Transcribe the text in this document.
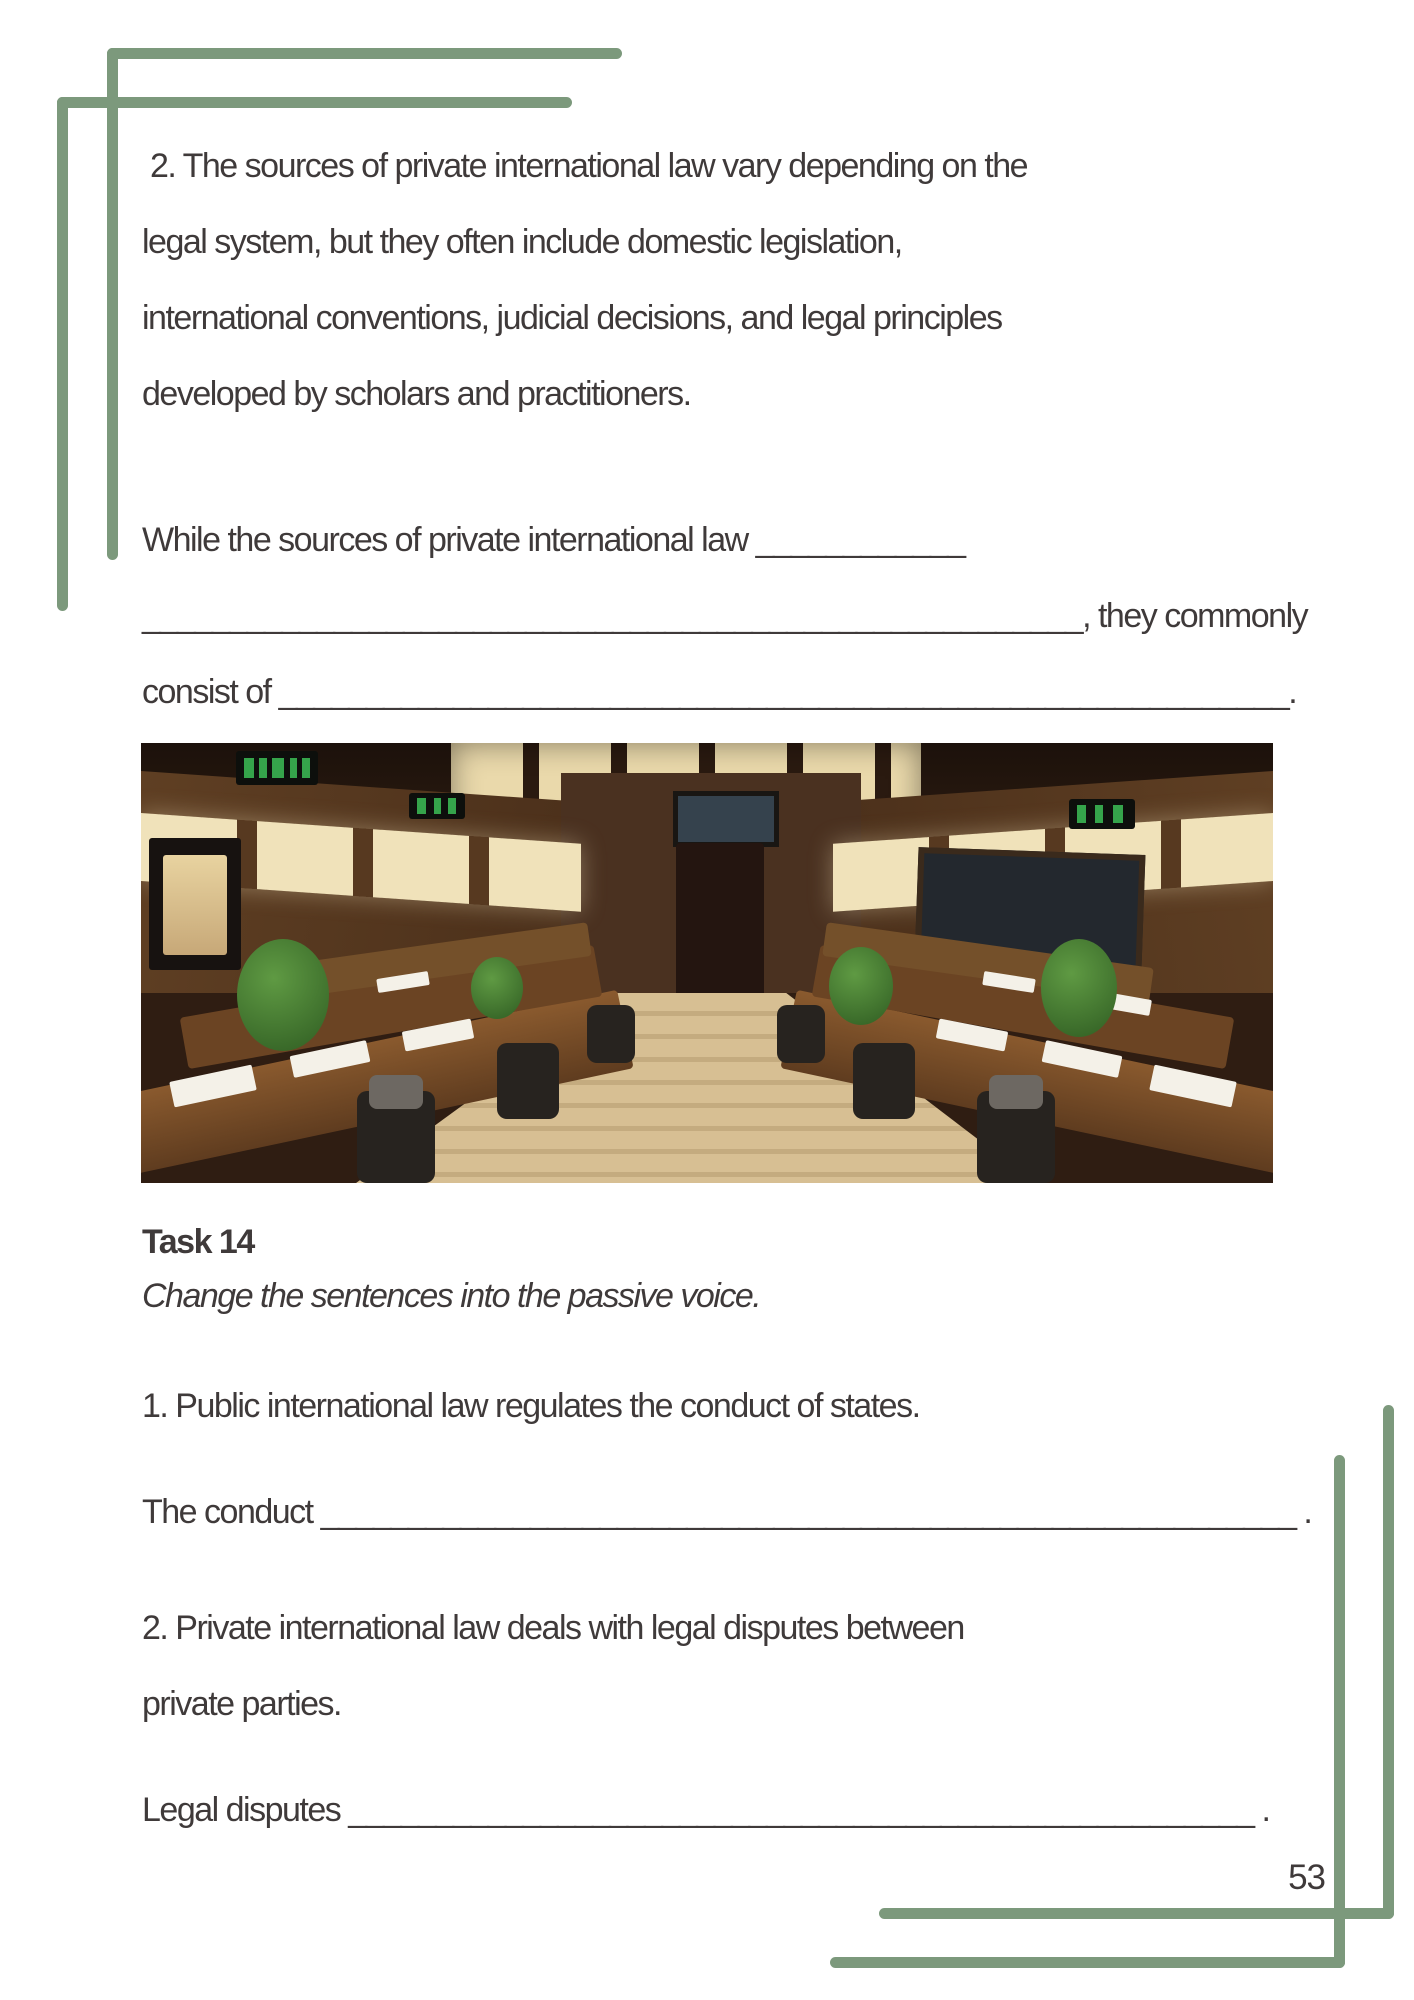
2. The sources of private international law vary depending on the
legal system, but they often include domestic legislation,
international conventions, judicial decisions, and legal principles
developed by scholars and practitioners.
While the sources of private international law ____________
______________________________________________________, they commonly
consist of __________________________________________________________.
Task 14
Change the sentences into the passive voice.
1. Public international law regulates the conduct of states.
The conduct ________________________________________________________ .
2. Private international law deals with legal disputes between
private parties.
Legal disputes ____________________________________________________ .
53
